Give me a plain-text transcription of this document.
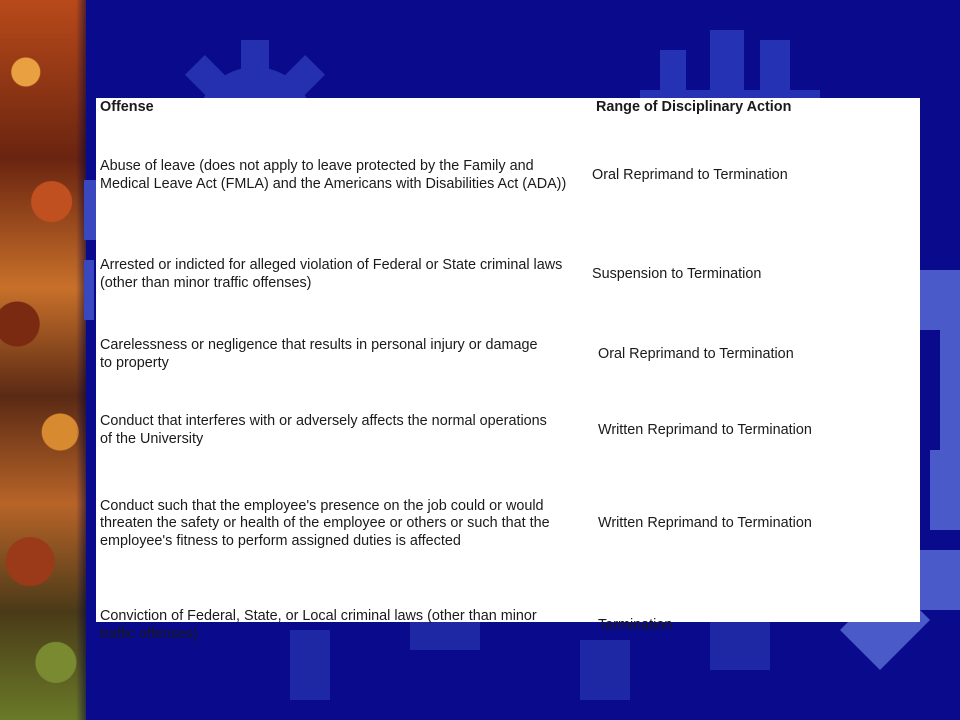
Offense	Range of Disciplinary Action
Abuse of leave (does not apply to leave protected by the Family and Medical Leave Act (FMLA) and the Americans with Disabilities Act (ADA))	Oral Reprimand to Termination
Arrested or indicted for alleged violation of Federal or State criminal laws (other than minor traffic offenses)	Suspension to Termination
Carelessness or negligence that results in personal injury or damage to property	Oral Reprimand to Termination
Conduct that interferes with or adversely affects the normal operations of the University	Written Reprimand to Termination
Conduct such that the employee's presence on the job could or would threaten the safety or health of the employee or others or such that the employee's fitness to perform assigned duties is affected	Written Reprimand to Termination
Conviction of Federal, State, or Local criminal laws (other than minor traffic offenses)	Termination
